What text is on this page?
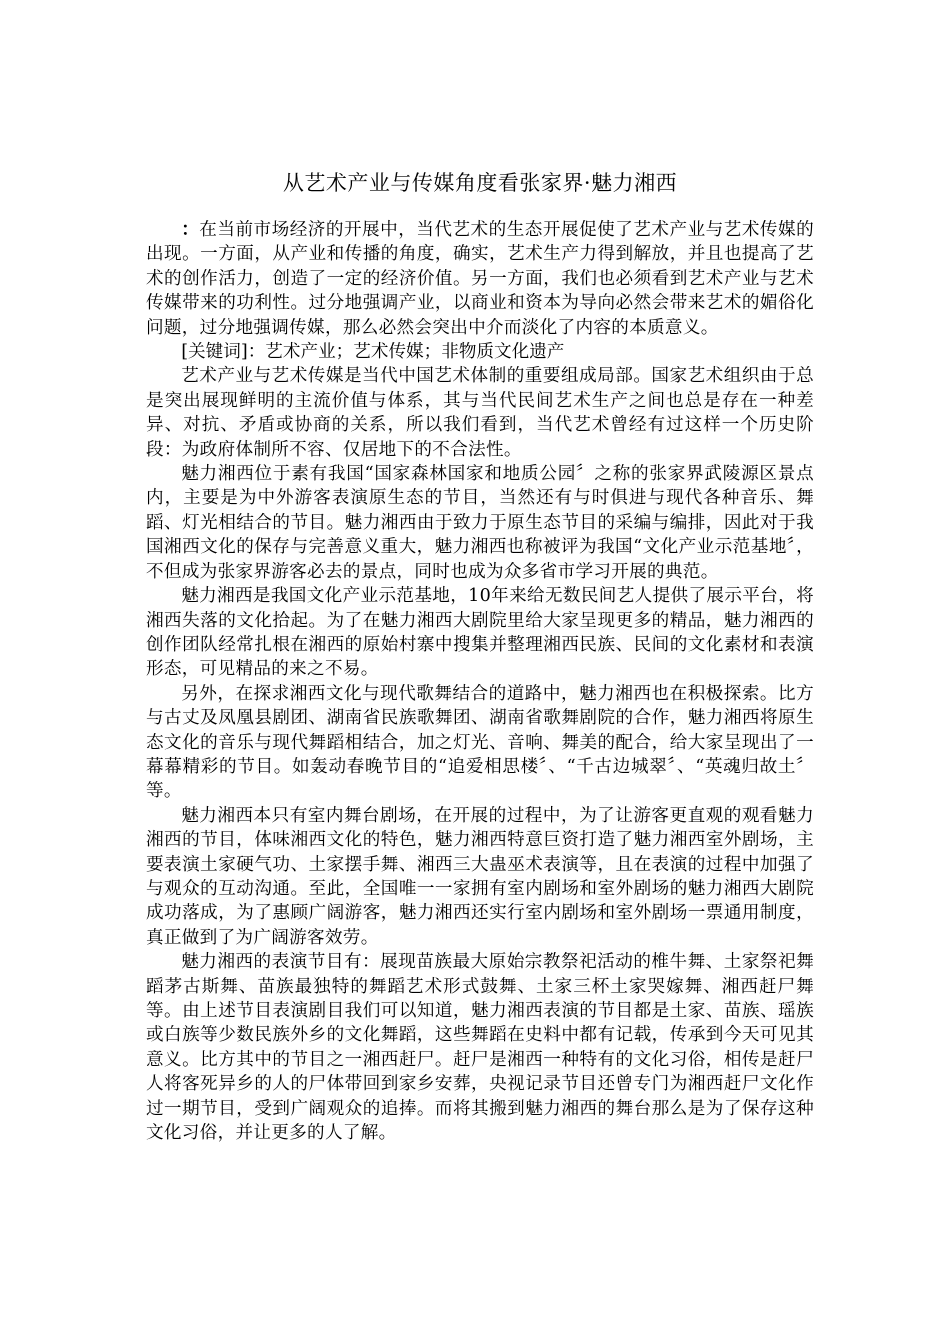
从艺术产业与传媒角度看张家界·魅力湘西

：在当前市场经济的开展中，当代艺术的生态开展促使了艺术产业与艺术传媒的出现。一方面，从产业和传播的角度，确实，艺术生产力得到解放，并且也提高了艺术的创作活力，创造了一定的经济价值。另一方面，我们也必须看到艺术产业与艺术传媒带来的功利性。过分地强调产业，以商业和资本为导向必然会带来艺术的媚俗化问题，过分地强调传媒，那么必然会突出中介而淡化了内容的本质意义。

[关键词]：艺术产业；艺术传媒；非物质文化遗产

艺术产业与艺术传媒是当代中国艺术体制的重要组成局部。国家艺术组织由于总是突出展现鲜明的主流价值与体系，其与当代民间艺术生产之间也总是存在一种差异、对抗、矛盾或协商的关系，所以我们看到，当代艺术曾经有过这样一个历史阶段：为政府体制所不容、仅居地下的不合法性。

魅力湘西位于素有我国“国家森林国家和地质公园〞之称的张家界武陵源区景点内，主要是为中外游客表演原生态的节目，当然还有与时俱进与现代各种音乐、舞蹈、灯光相结合的节目。魅力湘西由于致力于原生态节目的采编与编排，因此对于我国湘西文化的保存与完善意义重大，魅力湘西也称被评为我国“文化产业示范基地〞，不但成为张家界游客必去的景点，同时也成为众多省市学习开展的典范。

魅力湘西是我国文化产业示范基地，10年来给无数民间艺人提供了展示平台，将湘西失落的文化拾起。为了在魅力湘西大剧院里给大家呈现更多的精品，魅力湘西的创作团队经常扎根在湘西的原始村寨中搜集并整理湘西民族、民间的文化素材和表演形态，可见精品的来之不易。

另外，在探求湘西文化与现代歌舞结合的道路中，魅力湘西也在积极探索。比方与古丈及凤凰县剧团、湖南省民族歌舞团、湖南省歌舞剧院的合作，魅力湘西将原生态文化的音乐与现代舞蹈相结合，加之灯光、音响、舞美的配合，给大家呈现出了一幕幕精彩的节目。如轰动春晚节目的“追爱相思楼〞、“千古边城翠〞、“英魂归故土〞等。

魅力湘西本只有室内舞台剧场，在开展的过程中，为了让游客更直观的观看魅力湘西的节目，体味湘西文化的特色，魅力湘西特意巨资打造了魅力湘西室外剧场，主要表演土家硬气功、土家摆手舞、湘西三大蛊巫术表演等，且在表演的过程中加强了与观众的互动沟通。至此，全国唯一一家拥有室内剧场和室外剧场的魅力湘西大剧院成功落成，为了惠顾广阔游客，魅力湘西还实行室内剧场和室外剧场一票通用制度，真正做到了为广阔游客效劳。

魅力湘西的表演节目有：展现苗族最大原始宗教祭祀活动的椎牛舞、土家祭祀舞蹈茅古斯舞、苗族最独特的舞蹈艺术形式鼓舞、土家三杯土家哭嫁舞、湘西赶尸舞等。由上述节目表演剧目我们可以知道，魅力湘西表演的节目都是土家、苗族、瑶族或白族等少数民族外乡的文化舞蹈，这些舞蹈在史料中都有记载，传承到今天可见其意义。比方其中的节目之一湘西赶尸。赶尸是湘西一种特有的文化习俗，相传是赶尸人将客死异乡的人的尸体带回到家乡安葬，央视记录节目还曾专门为湘西赶尸文化作过一期节目，受到广阔观众的追捧。而将其搬到魅力湘西的舞台那么是为了保存这种文化习俗，并让更多的人了解。
